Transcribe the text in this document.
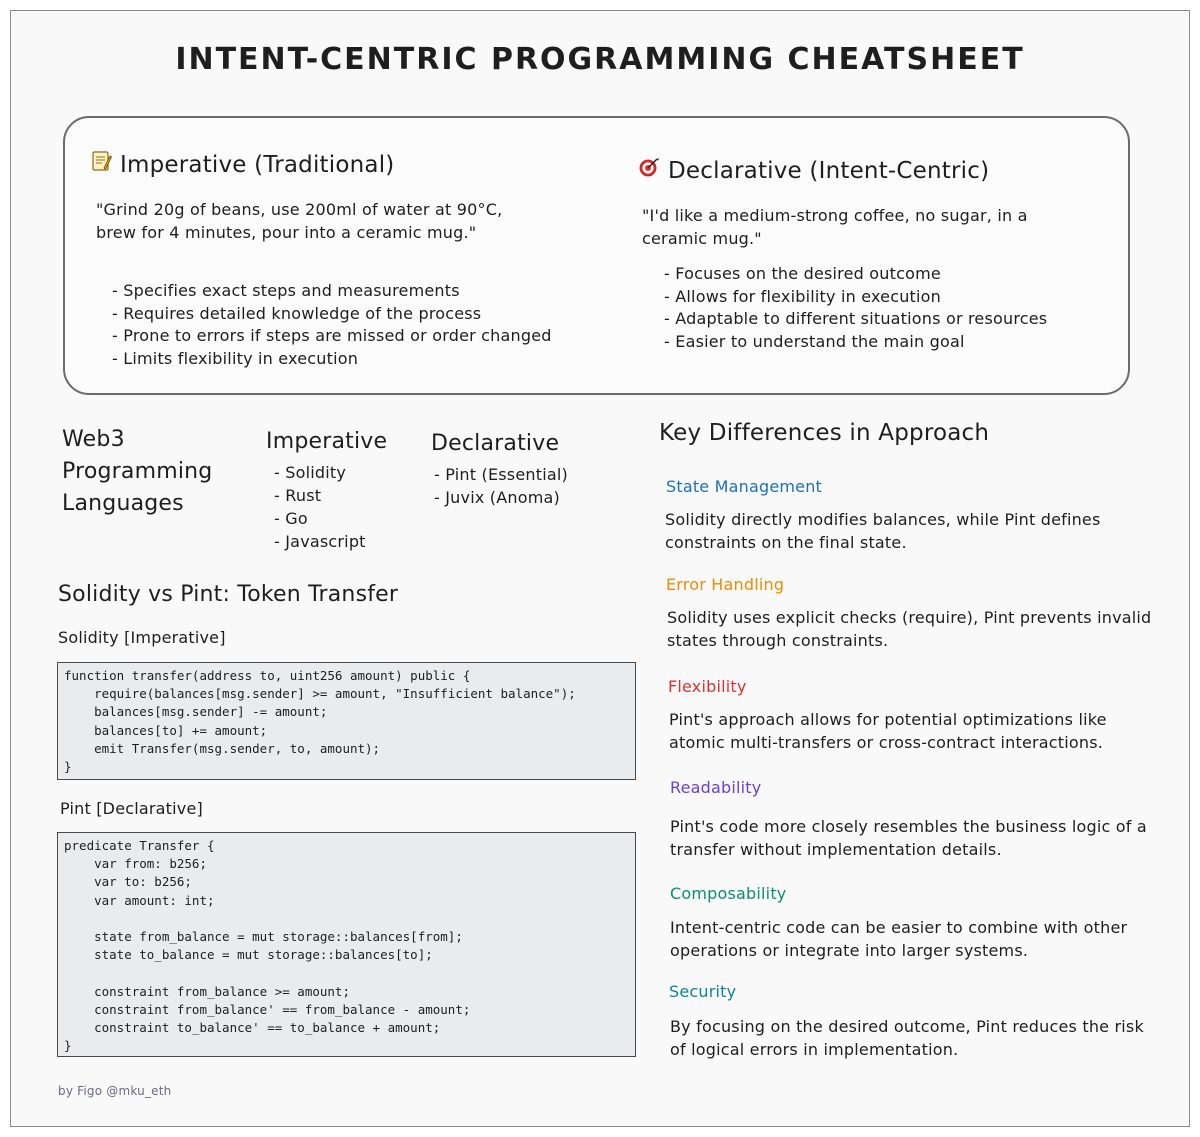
INTENT-CENTRIC PROGRAMMING CHEATSHEET
Imperative (Traditional)
"Grind 20g of beans, use 200ml of water at 90°C, brew for 4 minutes, pour into a ceramic mug."
- Specifies exact steps and measurements
- Requires detailed knowledge of the process
- Prone to errors if steps are missed or order changed
- Limits flexibility in execution
Declarative (Intent-Centric)
"I'd like a medium-strong coffee, no sugar, in a ceramic mug."
- Focuses on the desired outcome
- Allows for flexibility in execution
- Adaptable to different situations or resources
- Easier to understand the main goal
Web3
Programming
Languages
Imperative
- Solidity
- Rust
- Go
- Javascript
Declarative
- Pint (Essential)
- Juvix (Anoma)
Solidity vs Pint: Token Transfer
Solidity [Imperative]
function transfer(address to, uint256 amount) public {
require(balances[msg.sender] >= amount, "Insufficient balance");
balances[msg.sender] -= amount;
balances[to] += amount;
emit Transfer(msg.sender, to, amount);
}
Pint [Declarative]
predicate Transfer {
var from: b256;
var to: b256;
var amount: int;

state from_balance = mut storage::balances[from];
state to_balance = mut storage::balances[to];

constraint from_balance >= amount;
constraint from_balance' == from_balance - amount;
constraint to_balance' == to_balance + amount;
}
Key Differences in Approach
State Management
Solidity directly modifies balances, while Pint defines constraints on the final state.
Error Handling
Solidity uses explicit checks (require), Pint prevents invalid states through constraints.
Flexibility
Pint's approach allows for potential optimizations like atomic multi-transfers or cross-contract interactions.
Readability
Pint's code more closely resembles the business logic of a transfer without implementation details.
Composability
Intent-centric code can be easier to combine with other operations or integrate into larger systems.
Security
By focusing on the desired outcome, Pint reduces the risk of logical errors in implementation.
by Figo @mku_eth
